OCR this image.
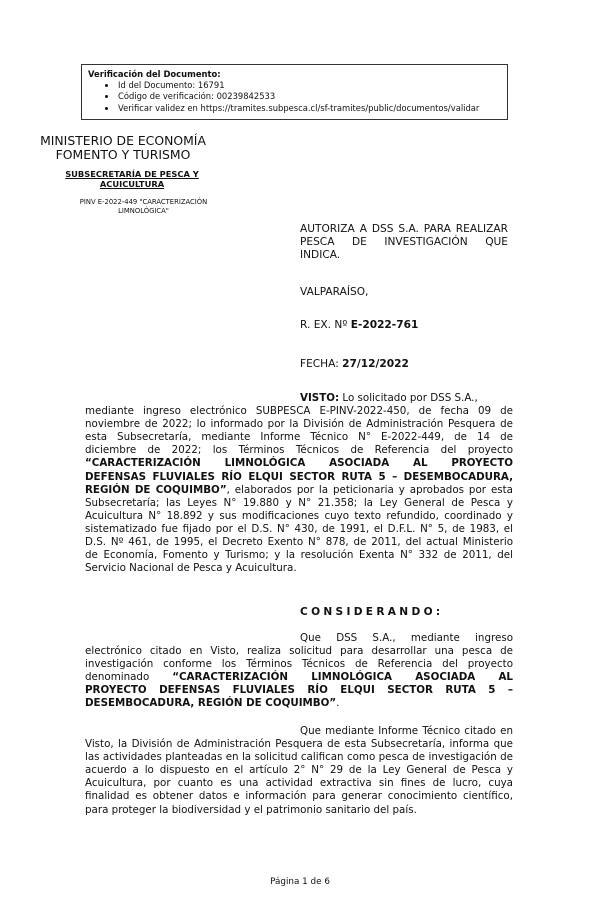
Verificación del Documento:
Id del Documento: 16791
Código de verificación: 00239842533
Verificar validez en https://tramites.subpesca.cl/sf-tramites/public/documentos/validar
MINISTERIO DE ECONOMÍA
FOMENTO Y TURISMO
SUBSECRETARÍA DE PESCA Y
ACUICULTURA
PINV E-2022-449 "CARACTERIZACIÓN
LIMNOLÓGICA"
AUTORIZA A DSS S.A. PARA REALIZAR
PESCA DE INVESTIGACIÓN QUE
INDICA.
VALPARAÍSO,
R. EX. Nº E-2022-761
FECHA: 27/12/2022
VISTO: Lo solicitado por DSS S.A.,
mediante ingreso electrónico SUBPESCA E-PINV-2022-450, de fecha 09 de
noviembre de 2022; lo informado por la División de Administración Pesquera de
esta Subsecretaría, mediante Informe Técnico N° E-2022-449, de 14 de
diciembre de 2022; los Términos Técnicos de Referencia del proyecto
“CARACTERIZACIÓN LIMNOLÓGICA ASOCIADA AL PROYECTO
DEFENSAS FLUVIALES RÍO ELQUI SECTOR RUTA 5 – DESEMBOCADURA,
REGIÓN DE COQUIMBO”, elaborados por la peticionaria y aprobados por esta
Subsecretaría; las Leyes N° 19.880 y N° 21.358; la Ley General de Pesca y
Acuicultura N° 18.892 y sus modificaciones cuyo texto refundido, coordinado y
sistematizado fue fijado por el D.S. N° 430, de 1991, el D.F.L. N° 5, de 1983, el
D.S. Nº 461, de 1995, el Decreto Exento N° 878, de 2011, del actual Ministerio
de Economía, Fomento y Turismo; y la resolución Exenta N° 332 de 2011, del
Servicio Nacional de Pesca y Acuicultura.
CONSIDERANDO:
Que DSS S.A., mediante ingreso
electrónico citado en Visto, realiza solicitud para desarrollar una pesca de
investigación conforme los Términos Técnicos de Referencia del proyecto
denominado “CARACTERIZACIÓN LIMNOLÓGICA ASOCIADA AL
PROYECTO DEFENSAS FLUVIALES RÍO ELQUI SECTOR RUTA 5 –
DESEMBOCADURA, REGIÓN DE COQUIMBO”.
Que mediante Informe Técnico citado en
Visto, la División de Administración Pesquera de esta Subsecretaría, informa que
las actividades planteadas en la solicitud califican como pesca de investigación de
acuerdo a lo dispuesto en el artículo 2° N° 29 de la Ley General de Pesca y
Acuicultura, por cuanto es una actividad extractiva sin fines de lucro, cuya
finalidad es obtener datos e información para generar conocimiento científico,
para proteger la biodiversidad y el patrimonio sanitario del país.
Página 1 de 6
